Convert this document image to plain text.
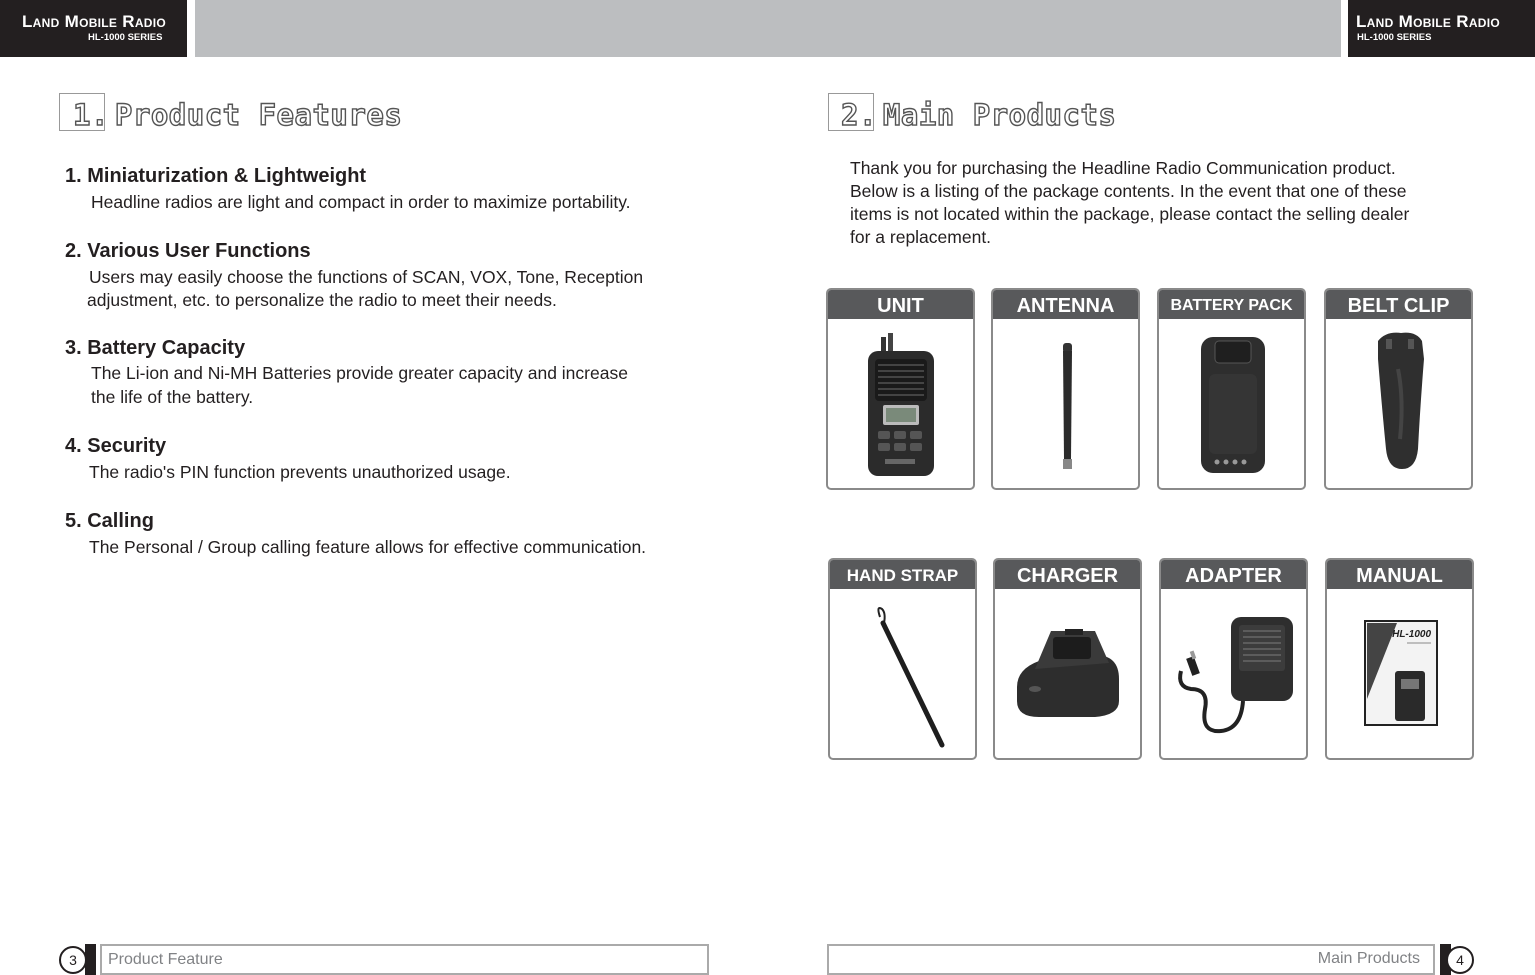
Land Mobile Radio
HL-1000 SERIES
Land Mobile Radio
HL-1000 SERIES
1. Product Features
1. Miniaturization & Lightweight
Headline radios are light and compact in order to maximize portability.
2. Various User Functions
Users may easily choose the functions of SCAN, VOX, Tone, Reception
adjustment, etc. to personalize the radio to meet their needs.
3. Battery Capacity
The Li-ion and Ni-MH Batteries provide greater capacity and increase
the life of the battery.
4. Security
The radio's PIN function prevents unauthorized usage.
5. Calling
The Personal / Group calling feature allows for effective communication.
2. Main Products
Thank you for purchasing the Headline Radio Communication product.
Below is a listing of the package contents. In the event that one of these
items is not located within the package, please contact the selling dealer
for a replacement.
UNIT	ANTENNA	BATTERY PACK	BELT CLIP
HAND STRAP	CHARGER	ADAPTER	MANUAL
HL-1000
3	Product Feature	Main Products	4
